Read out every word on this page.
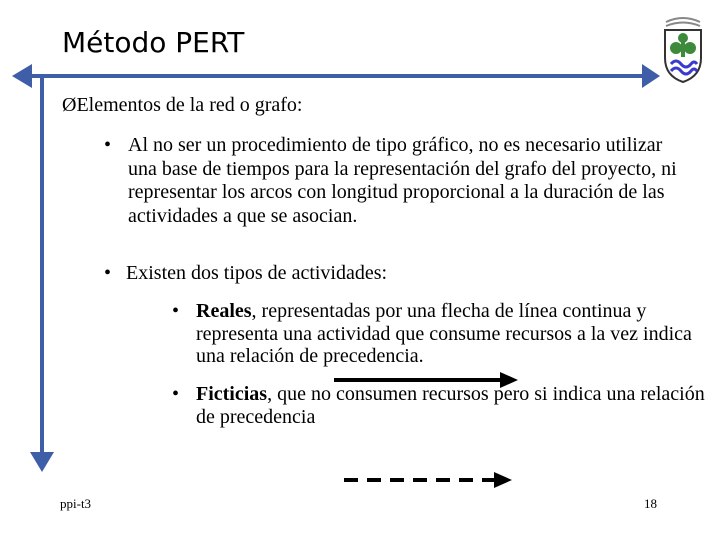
Método PERT
ØElementos de la red o grafo:
• Al no ser un procedimiento de tipo gráfico, no es necesario utilizar una base de tiempos para la representación del grafo del proyecto, ni representar los arcos con longitud proporcional a la duración de las actividades a que se asocian.
• Existen dos tipos de actividades:
• Reales, representadas por una flecha de línea continua y representa una actividad que consume recursos a la vez indica una relación de precedencia.
• Ficticias, que no consumen recursos pero si indica una relación de precedencia
ppi-t3	18
